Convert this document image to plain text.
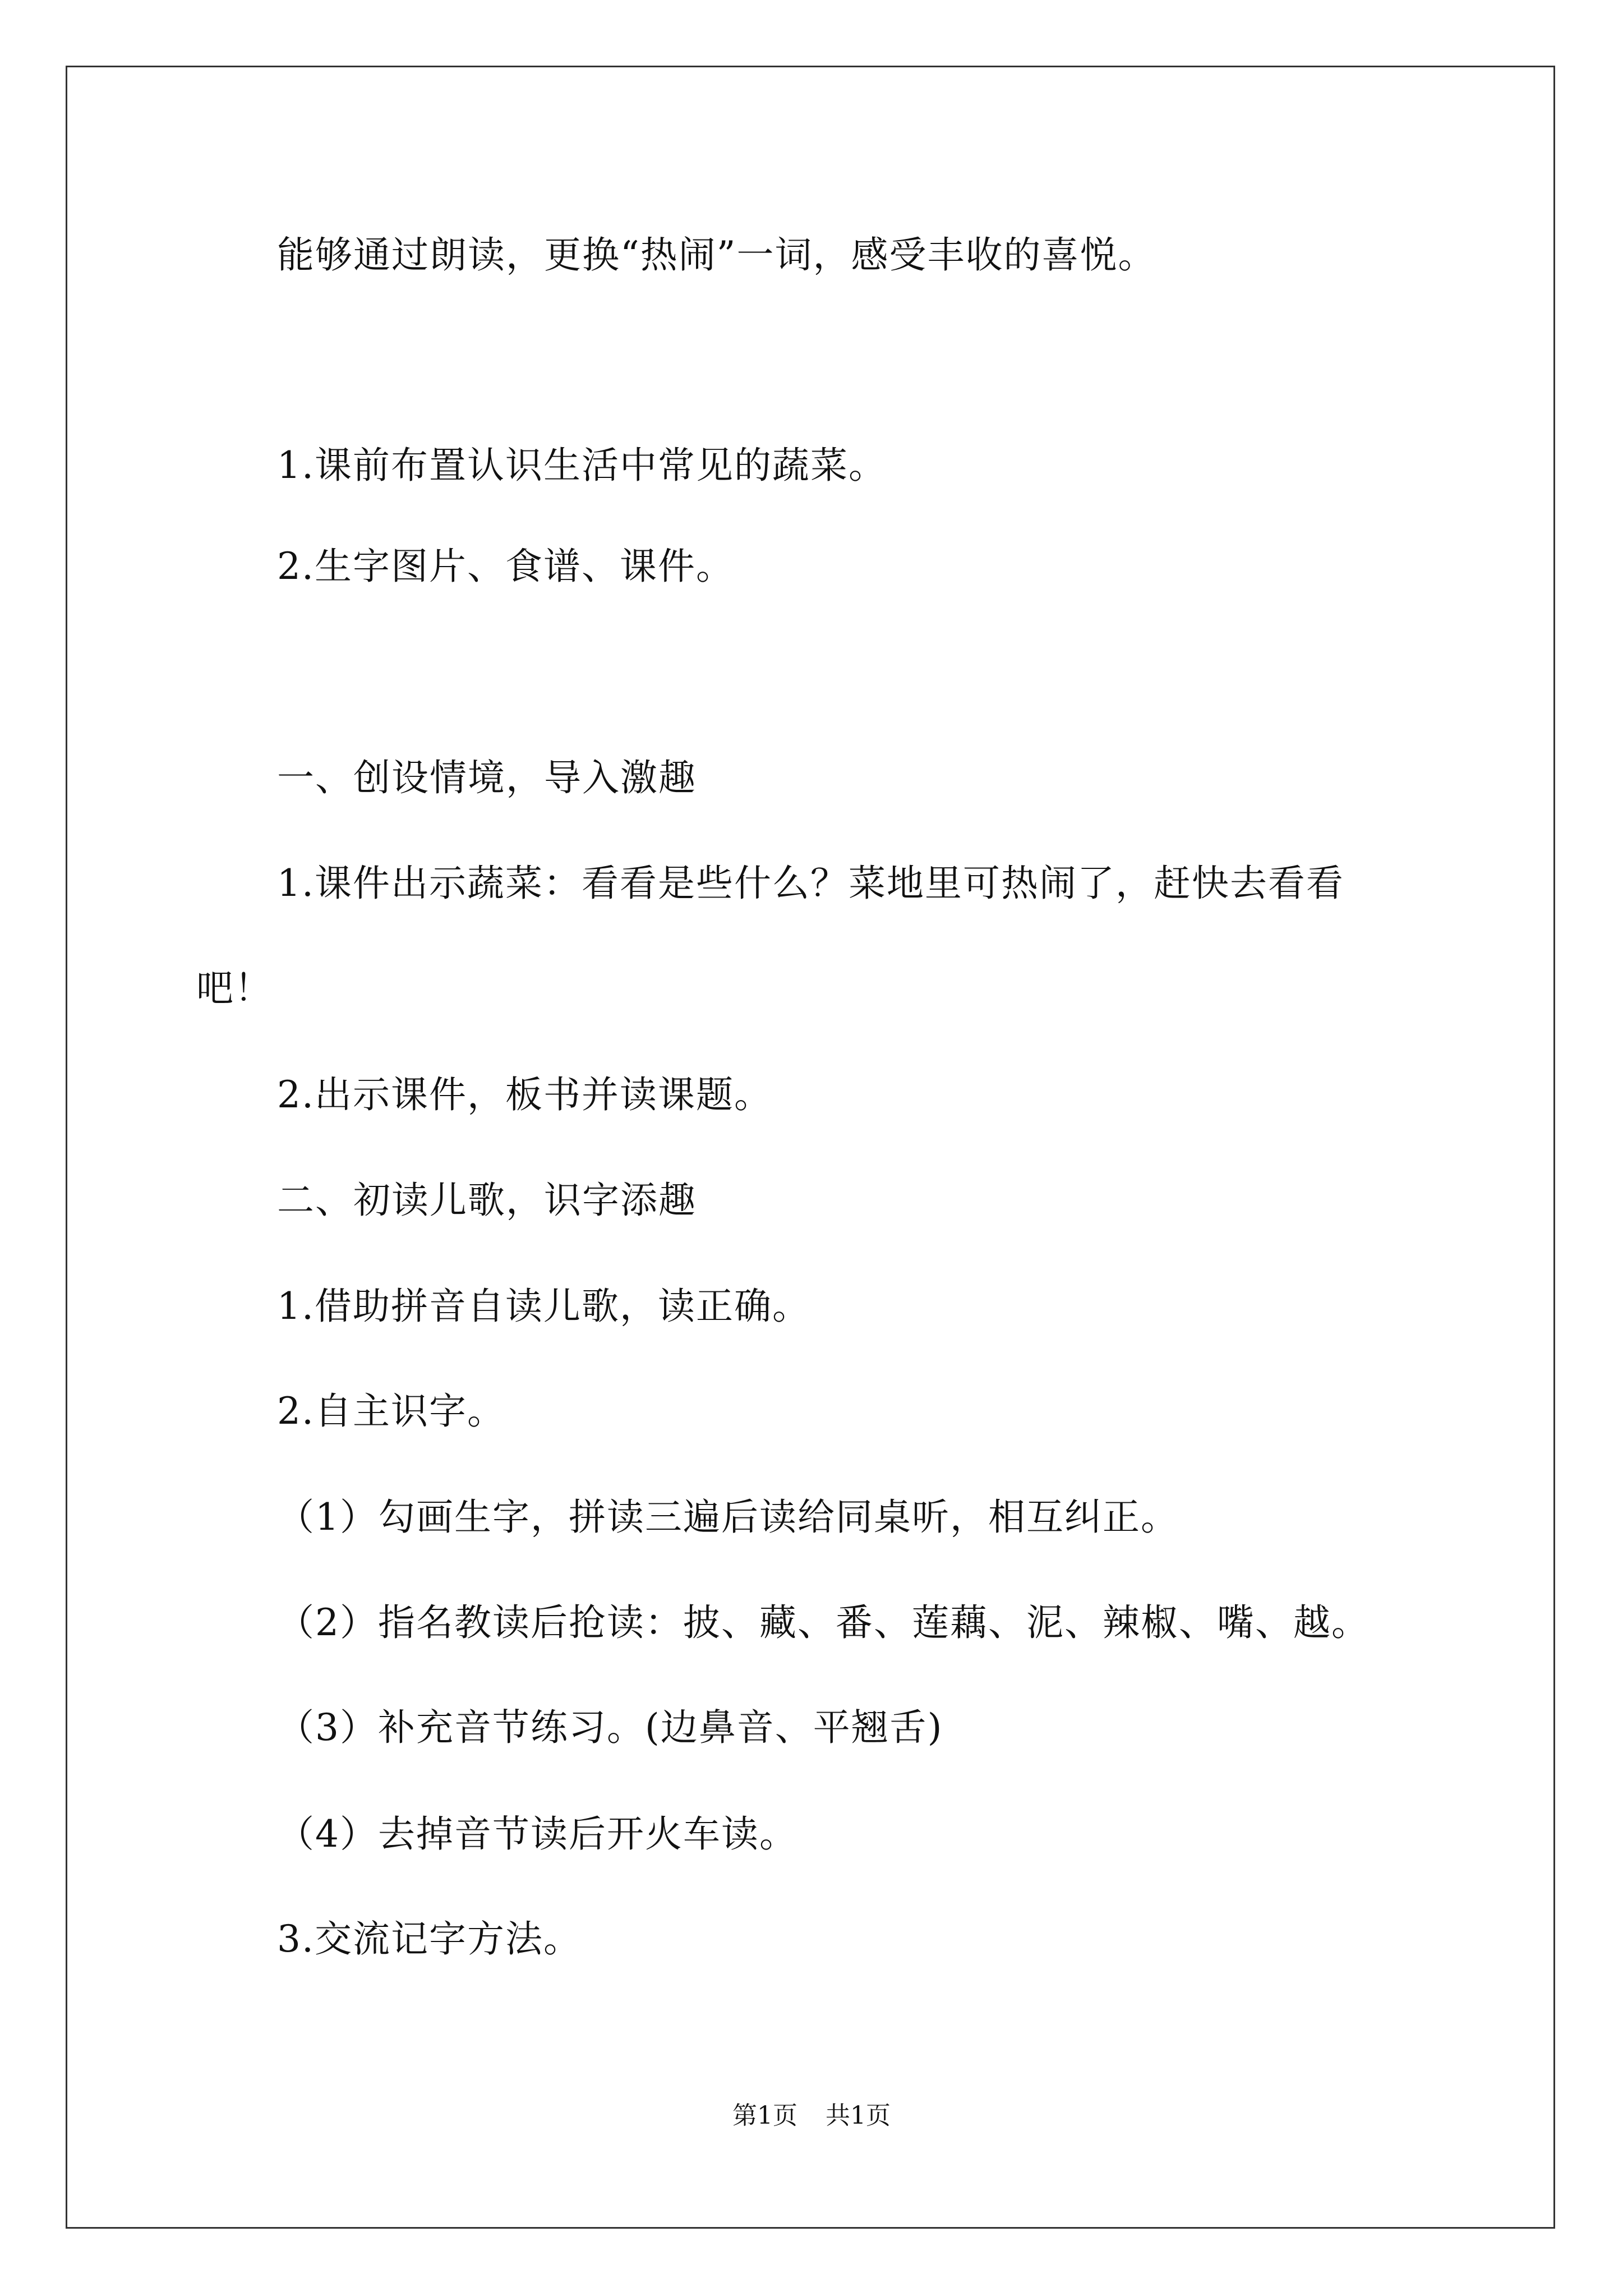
能够通过朗读，更换“热闹”一词，感受丰收的喜悦。
1.课前布置认识生活中常见的蔬菜。
2.生字图片、食谱、课件。
一、创设情境，导入激趣
1.课件出示蔬菜：看看是些什么？菜地里可热闹了，赶快去看看
吧！
2.出示课件，板书并读课题。
二、初读儿歌，识字添趣
1.借助拼音自读儿歌，读正确。
2.自主识字。
（1）勾画生字，拼读三遍后读给同桌听，相互纠正。
（2）指名教读后抢读：披、藏、番、莲藕、泥、辣椒、嘴、越。
（3）补充音节练习。(边鼻音、平翘舌)
（4）去掉音节读后开火车读。
3.交流记字方法。
第1页 共1页
